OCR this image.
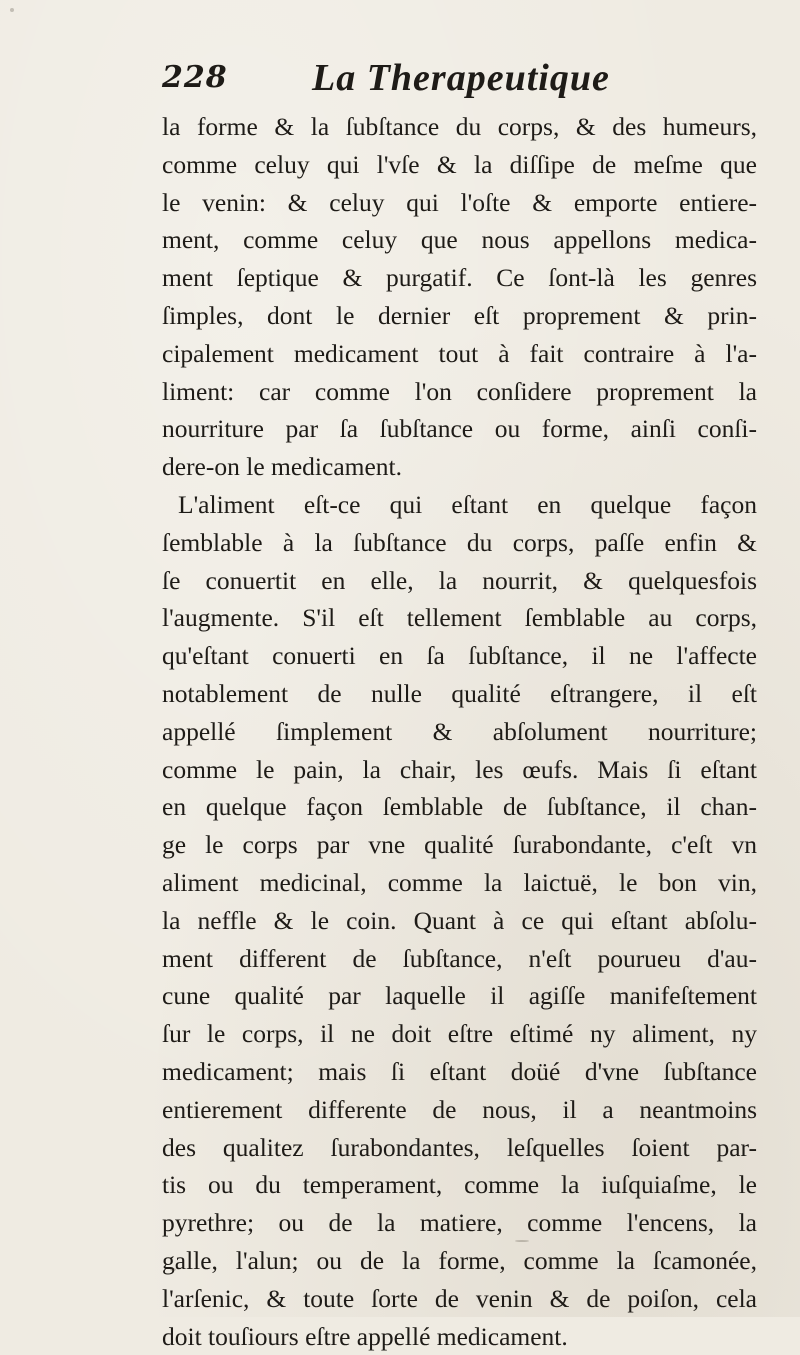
228 La Therapeutique
la forme & la ſubſtance du corps, & des humeurs,
comme celuy qui l'vſe & la diſſipe de meſme que
le venin: & celuy qui l'oſte & emporte entiere-
ment, comme celuy que nous appellons medica-
ment ſeptique & purgatif. Ce ſont-là les genres
ſimples, dont le dernier eſt proprement & prin-
cipalement medicament tout à fait contraire à l'a-
liment: car comme l'on conſidere proprement la
nourriture par ſa ſubſtance ou forme, ainſi conſi-
dere-on le medicament.
L'aliment eſt-ce qui eſtant en quelque façon
ſemblable à la ſubſtance du corps, paſſe enfin &
ſe conuertit en elle, la nourrit, & quelquesfois
l'augmente. S'il eſt tellement ſemblable au corps,
qu'eſtant conuerti en ſa ſubſtance, il ne l'affecte
notablement de nulle qualité eſtrangere, il eſt
appellé ſimplement & abſolument nourriture;
comme le pain, la chair, les œufs. Mais ſi eſtant
en quelque façon ſemblable de ſubſtance, il chan-
ge le corps par vne qualité ſurabondante, c'eſt vn
aliment medicinal, comme la laictuë, le bon vin,
la neffle & le coin. Quant à ce qui eſtant abſolu-
ment different de ſubſtance, n'eſt pourueu d'au-
cune qualité par laquelle il agiſſe manifeſtement
ſur le corps, il ne doit eſtre eſtimé ny aliment, ny
medicament; mais ſi eſtant doüé d'vne ſubſtance
entierement differente de nous, il a neantmoins
des qualitez ſurabondantes, leſquelles ſoient par-
tis ou du temperament, comme la iuſquiaſme, le
pyrethre; ou de la matiere, comme l'encens, la
galle, l'alun; ou de la forme, comme la ſcamonée,
l'arſenic, & toute ſorte de venin & de poiſon, cela
doit touſiours eſtre appellé medicament.
